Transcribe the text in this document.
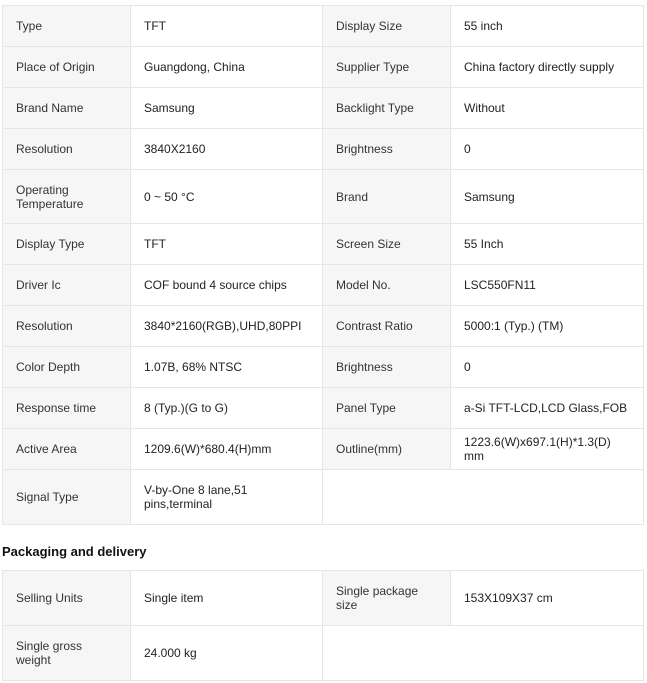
Type	TFT	Display Size	55 inch
Place of Origin	Guangdong, China	Supplier Type	China factory directly supply
Brand Name	Samsung	Backlight Type	Without
Resolution	3840X2160	Brightness	0
Operating Temperature	0 ~ 50 °C	Brand	Samsung
Display Type	TFT	Screen Size	55 Inch
Driver Ic	COF bound 4 source chips	Model No.	LSC550FN11
Resolution	3840*2160(RGB),UHD,80PPI	Contrast Ratio	5000:1 (Typ.) (TM)
Color Depth	1.07B, 68% NTSC	Brightness	0
Response time	8 (Typ.)(G to G)	Panel Type	a-Si TFT-LCD,LCD Glass,FOB
Active Area	1209.6(W)*680.4(H)mm	Outline(mm)	1223.6(W)x697.1(H)*1.3(D) mm
Signal Type	V-by-One 8 lane,51 pins,terminal		
Packaging and delivery
Selling Units	Single item	Single package size	153X109X37 cm
Single gross weight	24.000 kg		
